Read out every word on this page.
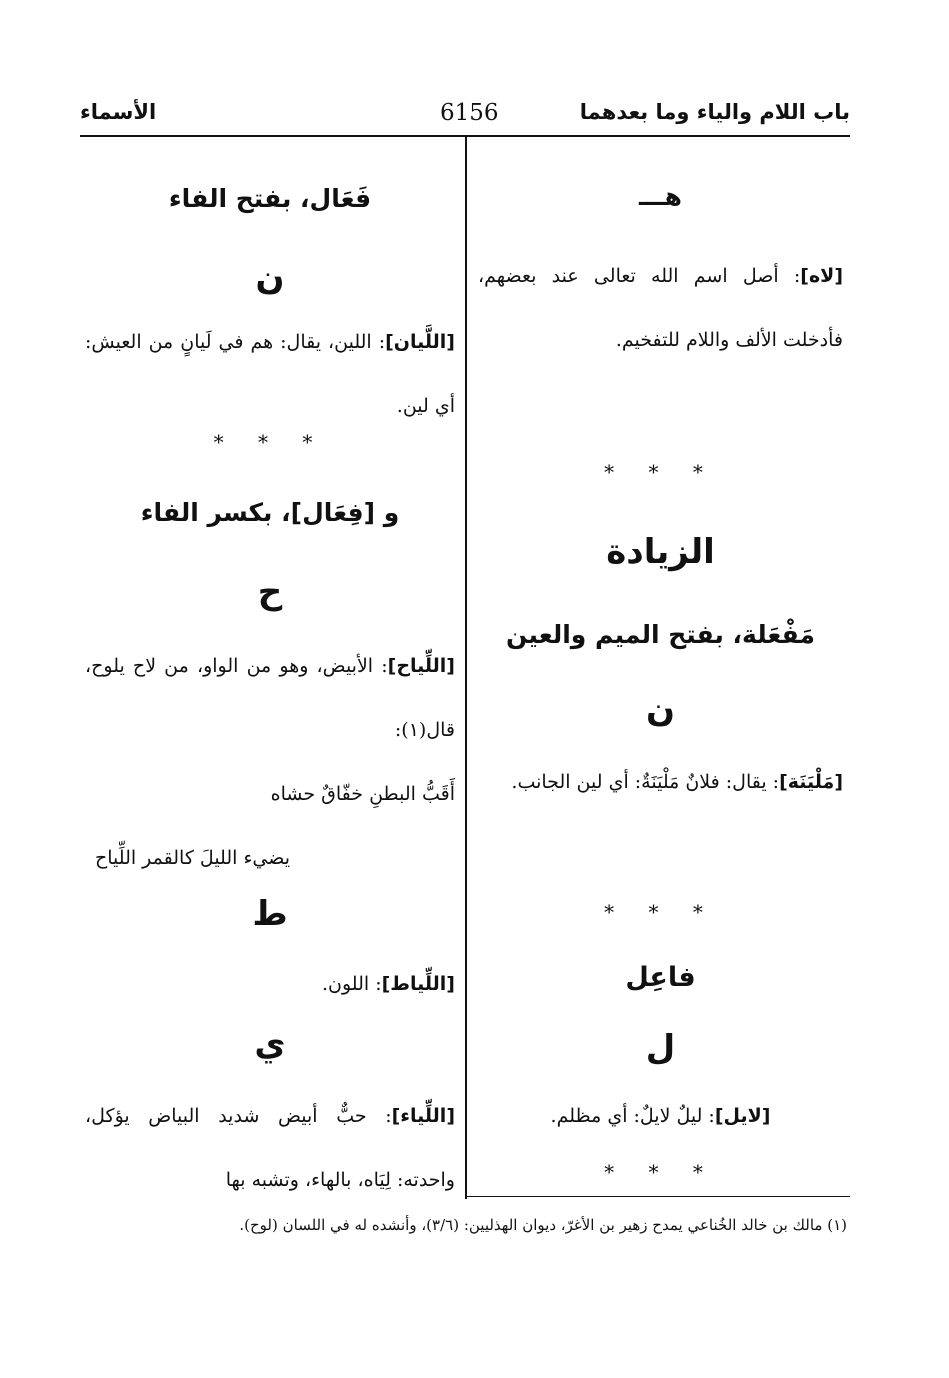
باب اللام والياء وما بعدهما
6156
الأسماء
هـــ
[لاه]: أصل اسم الله تعالى عند بعضهم، فأدخلت الألف واللام للتفخيم.
* * *
الزيادة
مَفْعَلة، بفتح الميم والعين
ن
[مَلْيَنَة]: يقال: فلانٌ مَلْيَنَةٌ: أي لين الجانب.
* * *
فاعِل
ل
[لايل]: ليلٌ لايلٌ: أي مظلم.
* * *
فَعَال، بفتح الفاء
ن
[اللَّيان]: اللين، يقال: هم في لَيانٍ من العيش: أي لين.
* * *
و [فِعَال]، بكسر الفاء
ح
[اللِّياح]: الأبيض، وهو من الواو، من لاح يلوح، قال(١):
أَقَبُّ البطنِ خفّاقٌ حشاه
يضيء الليلَ كالقمر اللِّياح
ط
[اللِّياط]: اللون.
ي
[اللِّياء]: حبٌّ أبيض شديد البياض يؤكل، واحدته: لِيَاه، بالهاء، وتشبه بها
(١) مالك بن خالد الخُناعي يمدح زهير بن الأغرّ، ديوان الهذليين: (٣/٦)، وأنشده له في اللسان (لوح).
